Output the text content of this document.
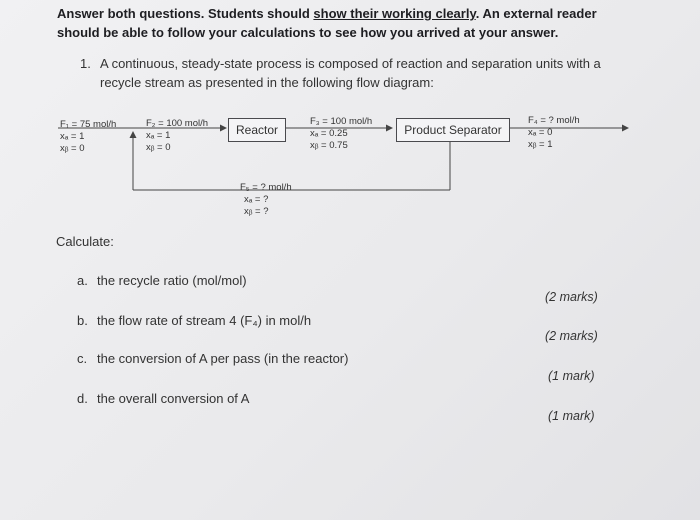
Answer both questions. Students should show their working clearly. An external reader
should be able to follow your calculations to see how you arrived at your answer.
1. A continuous, steady-state process is composed of reaction and separation units with a
recycle stream as presented in the following flow diagram:
Reactor	Product Separator
F₁ = 75 mol/h
xₐ = 1
xᵦ = 0
F₂ = 100 mol/h
xₐ = 1
xᵦ = 0
F₃ = 100 mol/h
xₐ = 0.25
xᵦ = 0.75
F₄ = ? mol/h
xₐ = 0
xᵦ = 1
F₅ = ? mol/h
xₐ = ?
xᵦ = ?
Calculate:
a. the recycle ratio (mol/mol)
(2 marks)
b. the flow rate of stream 4 (F₄) in mol/h
(2 marks)
c. the conversion of A per pass (in the reactor)
(1 mark)
d. the overall conversion of A
(1 mark)
